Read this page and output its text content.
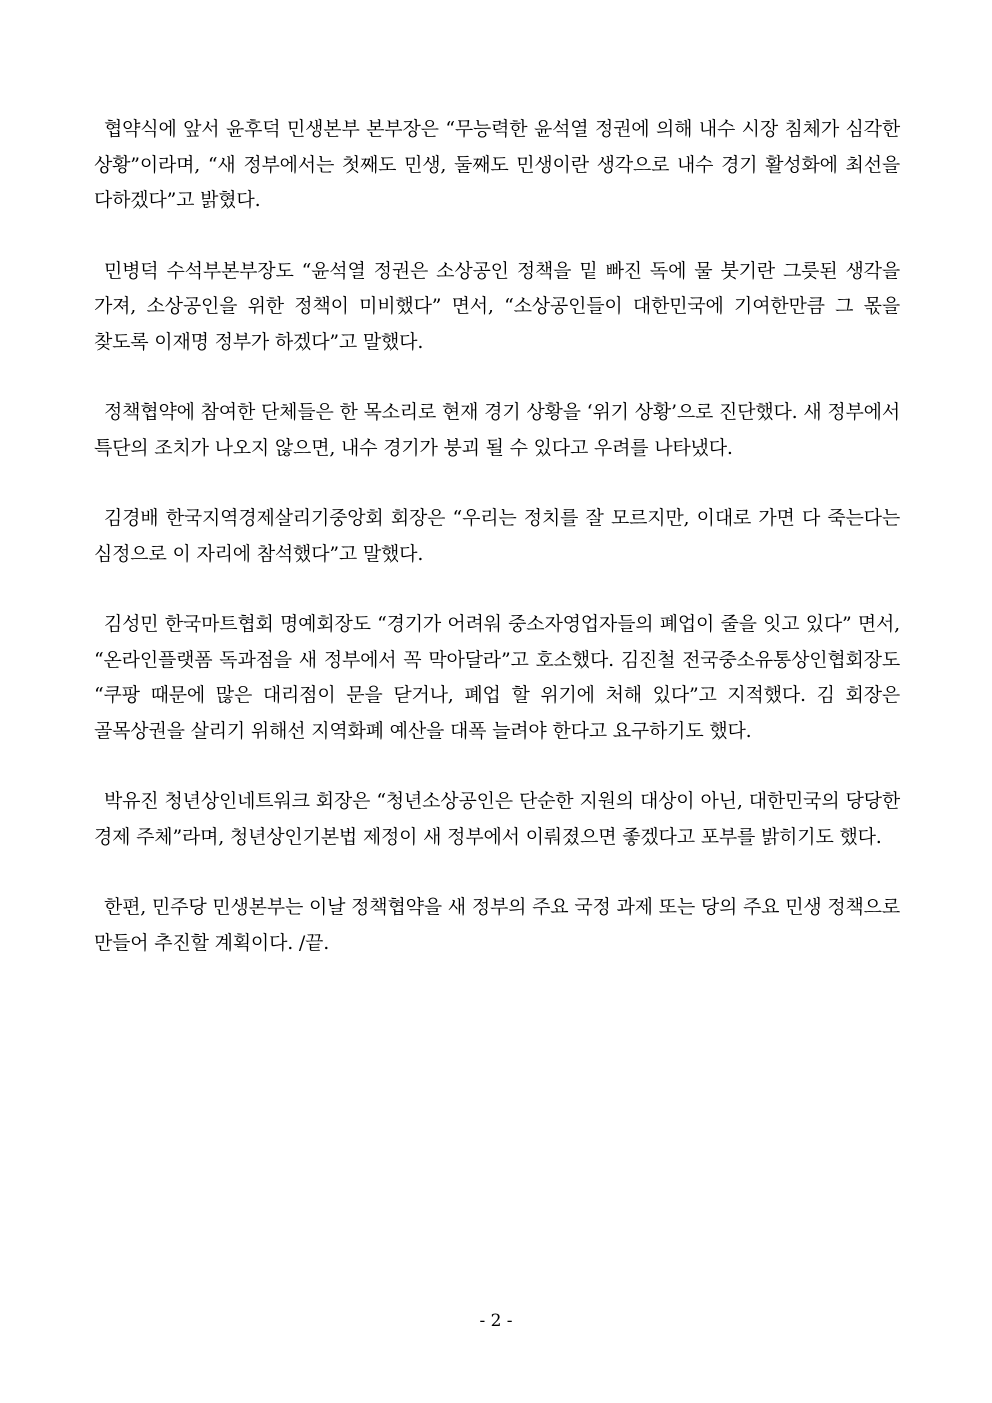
협약식에 앞서 윤후덕 민생본부 본부장은 “무능력한 윤석열 정권에 의해 내수 시장 침체가 심각한 상황”이라며, “새 정부에서는 첫째도 민생, 둘째도 민생이란 생각으로 내수 경기 활성화에 최선을 다하겠다”고 밝혔다.

민병덕 수석부본부장도 “윤석열 정권은 소상공인 정책을 밑 빠진 독에 물 붓기란 그릇된 생각을 가져, 소상공인을 위한 정책이 미비했다” 면서, “소상공인들이 대한민국에 기여한만큼 그 몫을 찾도록 이재명 정부가 하겠다”고 말했다.

정책협약에 참여한 단체들은 한 목소리로 현재 경기 상황을 ‘위기 상황’으로 진단했다. 새 정부에서 특단의 조치가 나오지 않으면, 내수 경기가 붕괴 될 수 있다고 우려를 나타냈다.

김경배 한국지역경제살리기중앙회 회장은 “우리는 정치를 잘 모르지만, 이대로 가면 다 죽는다는 심정으로 이 자리에 참석했다”고 말했다.

김성민 한국마트협회 명예회장도 “경기가 어려워 중소자영업자들의 폐업이 줄을 잇고 있다” 면서, “온라인플랫폼 독과점을 새 정부에서 꼭 막아달라”고 호소했다. 김진철 전국중소유통상인협회장도 “쿠팡 때문에 많은 대리점이 문을 닫거나, 폐업 할 위기에 처해 있다”고 지적했다. 김 회장은 골목상권을 살리기 위해선 지역화폐 예산을 대폭 늘려야 한다고 요구하기도 했다.

박유진 청년상인네트워크 회장은 “청년소상공인은 단순한 지원의 대상이 아닌, 대한민국의 당당한 경제 주체”라며, 청년상인기본법 제정이 새 정부에서 이뤄졌으면 좋겠다고 포부를 밝히기도 했다.

한편, 민주당 민생본부는 이날 정책협약을 새 정부의 주요 국정 과제 또는 당의 주요 민생 정책으로 만들어 추진할 계획이다. /끝.

- 2 -
